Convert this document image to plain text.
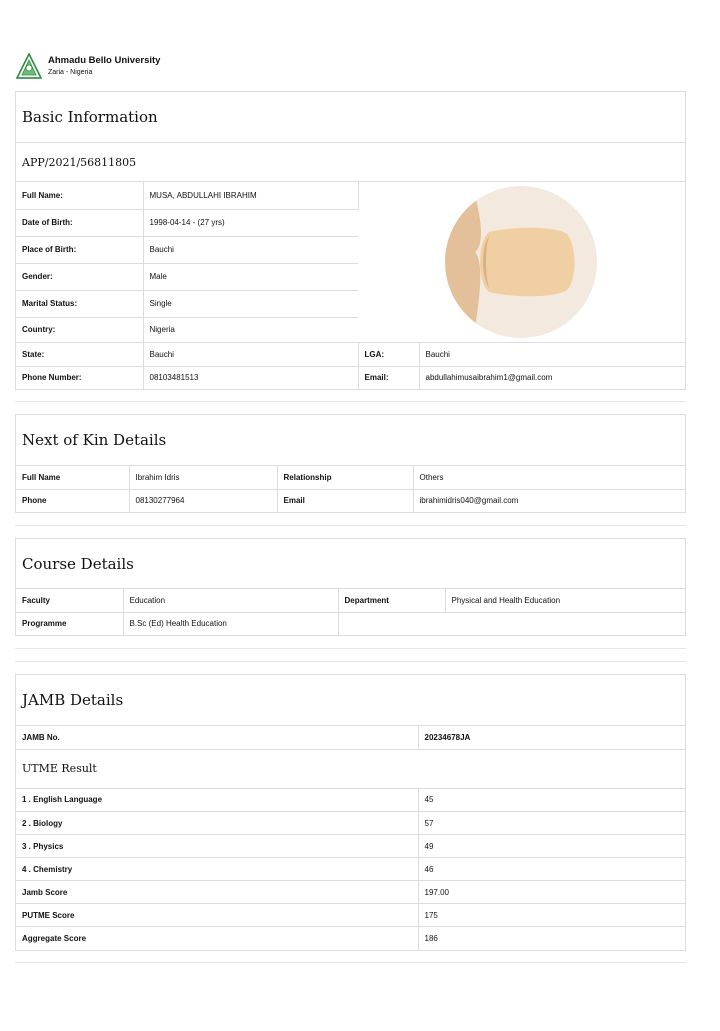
Ahmadu Bello University
Zaria - Nigeria
Basic Information
APP/2021/56811805
Full Name:	MUSA, ABDULLAHI IBRAHIM	

Date of Birth:	1998-04-14 - (27 yrs)		
Place of Birth:	Bauchi		
Gender:	Male		
Marital Status:	Single		
Country:	Nigeria		
State:	Bauchi	LGA:	Bauchi
Phone Number:	08103481513	Email:	abdullahimusaibrahim1@gmail.com
Next of Kin Details
Full Name	Ibrahim Idris	Relationship	Others
Phone	08130277964	Email	ibrahimidris040@gmail.com
Course Details
Faculty	Education	Department	Physical and Health Education
Programme	B.Sc (Ed) Health Education		
JAMB Details
JAMB No.	20234678JA
UTME Result
1 . English Language	45
2 . Biology	57
3 . Physics	49
4 . Chemistry	46
Jamb Score	197.00
PUTME Score	175
Aggregate Score	186
